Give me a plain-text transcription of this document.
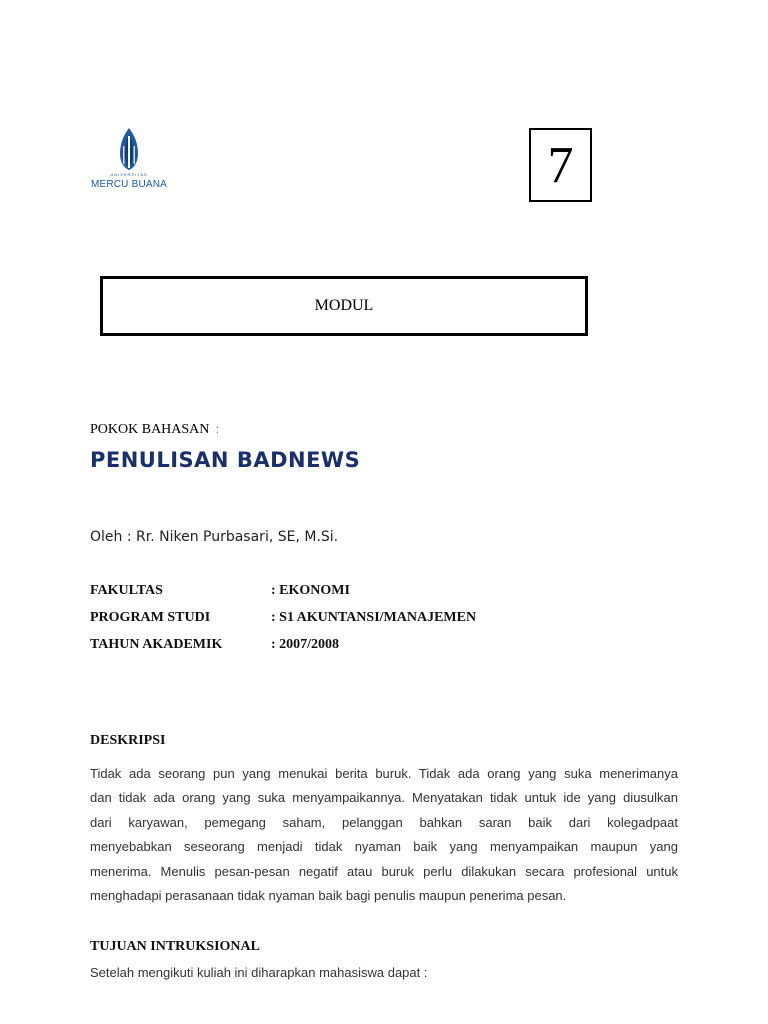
UNIVERSITAS
MERCU BUANA	7
MODUL
POKOK BAHASAN :
PENULISAN BADNEWS
Oleh : Rr. Niken Purbasari, SE, M.Si.
FAKULTAS	: EKONOMI
PROGRAM STUDI	: S1 AKUNTANSI/MANAJEMEN
TAHUN AKADEMIK	: 2007/2008
DESKRIPSI
Tidak ada seorang pun yang menukai berita buruk. Tidak ada orang yang suka menerimanya
dan tidak ada orang yang suka menyampaikannya. Menyatakan tidak untuk ide yang diusulkan
dari karyawan, pemegang saham, pelanggan bahkan saran baik dari kolegadpaat
menyebabkan seseorang menjadi tidak nyaman baik yang menyampaikan maupun yang
menerima. Menulis pesan-pesan negatif atau buruk perlu dilakukan secara profesional untuk
menghadapi perasanaan tidak nyaman baik bagi penulis maupun penerima pesan.
TUJUAN INTRUKSIONAL
Setelah mengikuti kuliah ini diharapkan mahasiswa dapat :
